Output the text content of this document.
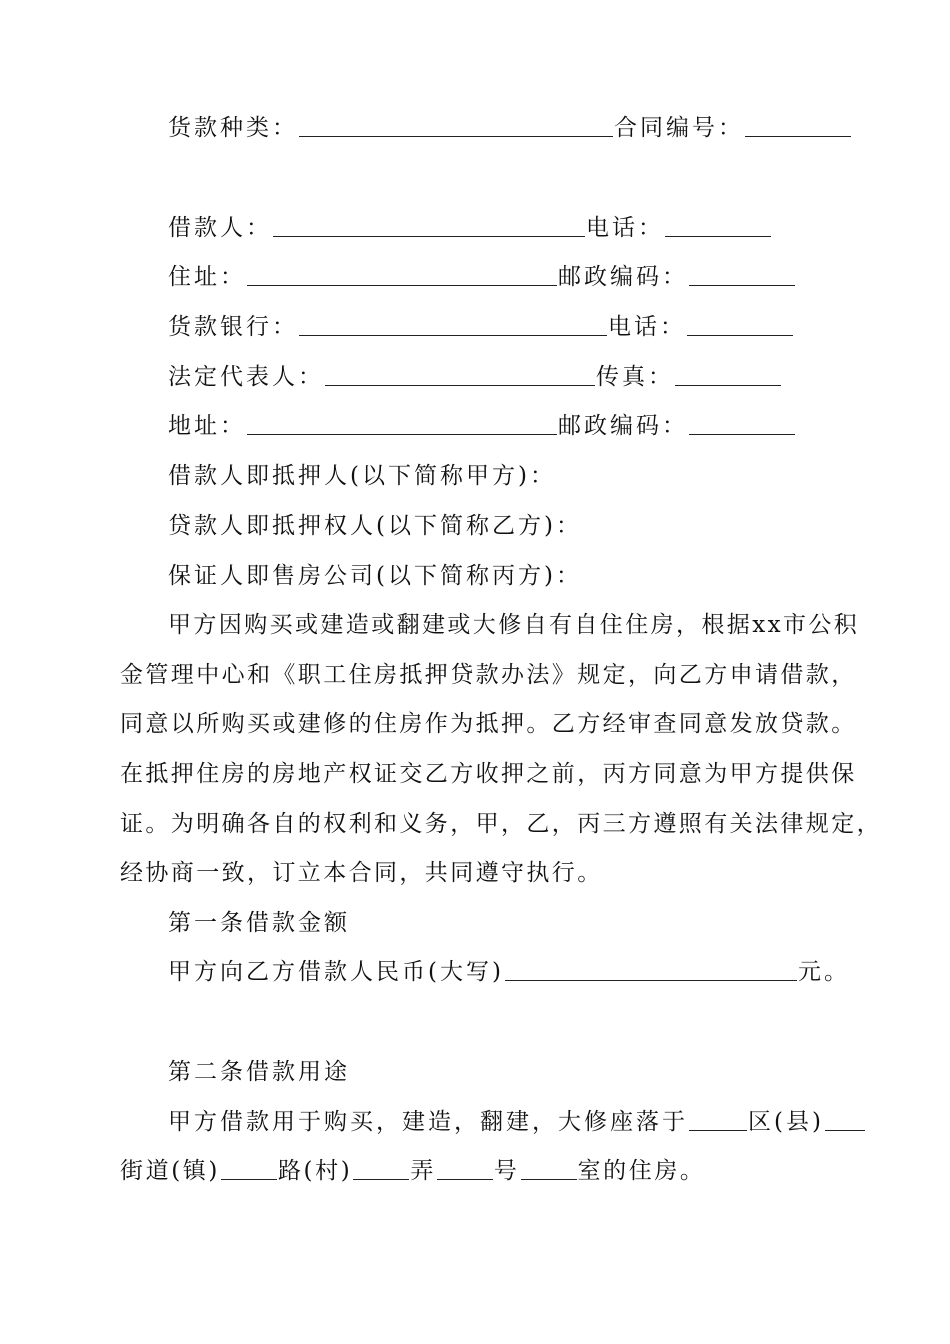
货款种类：	合同编号：
借款人：	电话：
住址：	邮政编码：
货款银行：	电话：
法定代表人：	传真：
地址：	邮政编码：
借款人即抵押人(以下简称甲方)：
贷款人即抵押权人(以下简称乙方)：
保证人即售房公司(以下简称丙方)：
甲方因购买或建造或翻建或大修自有自住住房，根据xx市公积
金管理中心和《职工住房抵押贷款办法》规定，向乙方申请借款，
同意以所购买或建修的住房作为抵押。乙方经审查同意发放贷款。
在抵押住房的房地产权证交乙方收押之前，丙方同意为甲方提供保
证。为明确各自的权利和义务，甲，乙，丙三方遵照有关法律规定，
经协商一致，订立本合同，共同遵守执行。
第一条借款金额
甲方向乙方借款人民币(大写)	元。
第二条借款用途
甲方借款用于购买，建造，翻建，大修座落于	区(县)
街道(镇)	路(村)	弄	号	室的住房。
